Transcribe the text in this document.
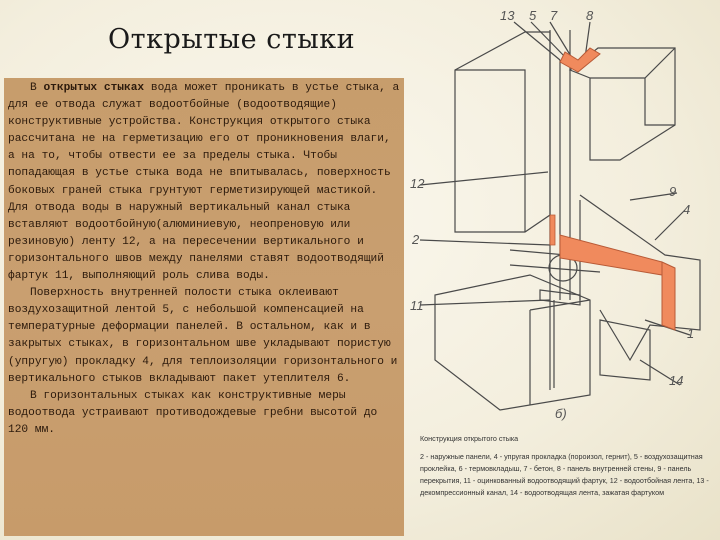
Открытые стыки

В открытых стыках вода может проникать в устье стыка, а для ее отвода служат водоотбойные (водоотводящие) конструктивные устройства. Конструкция открытого стыка рассчитана не на герметизацию его от проникновения влаги, а на то, чтобы отвести ее за пределы стыка. Чтобы попадающая в устье стыка вода не впитывалась, поверхность боковых граней стыка грунтуют герметизирующей мастикой. Для отвода воды в наружный вертикальный канал стыка вставляют водоотбойную(алюминиевую, неопреновую или резиновую) ленту 12, а на пересечении вертикального и горизонтального швов между панелями ставят водоотводящий фартук 11, выполняющий роль слива воды.

Поверхность внутренней полости стыка оклеивают воздухозащитной лентой 5, с небольшой компенсацией на температурные деформации панелей. В остальном, как и в закрытых стыках, в горизонтальном шве укладывают пористую (упругую) прокладку 4, для теплоизоляции горизонтального и вертикального стыков вкладывают пакет утеплителя 6.

В горизонтальных стыках как конструктивные меры водоотвода устраивают противодождевые гребни высотой до 120 мм.

13 5 7 8
12
9
4
2
11
1
14
б)
Конструкция открытого стыка
2 - наружные панели, 4 - упругая прокладка (пороизол, гернит), 5 - воздухозащитная проклейка, 6 - термовкладыш, 7 - бетон, 8 - панель внутренней стены, 9 - панель перекрытия, 11 - оцинкованный водоотводящий фартук, 12 - водоотбойная лента, 13 - декомпрессионный канал, 14 - водоотводящая лента, зажатая фартуком
